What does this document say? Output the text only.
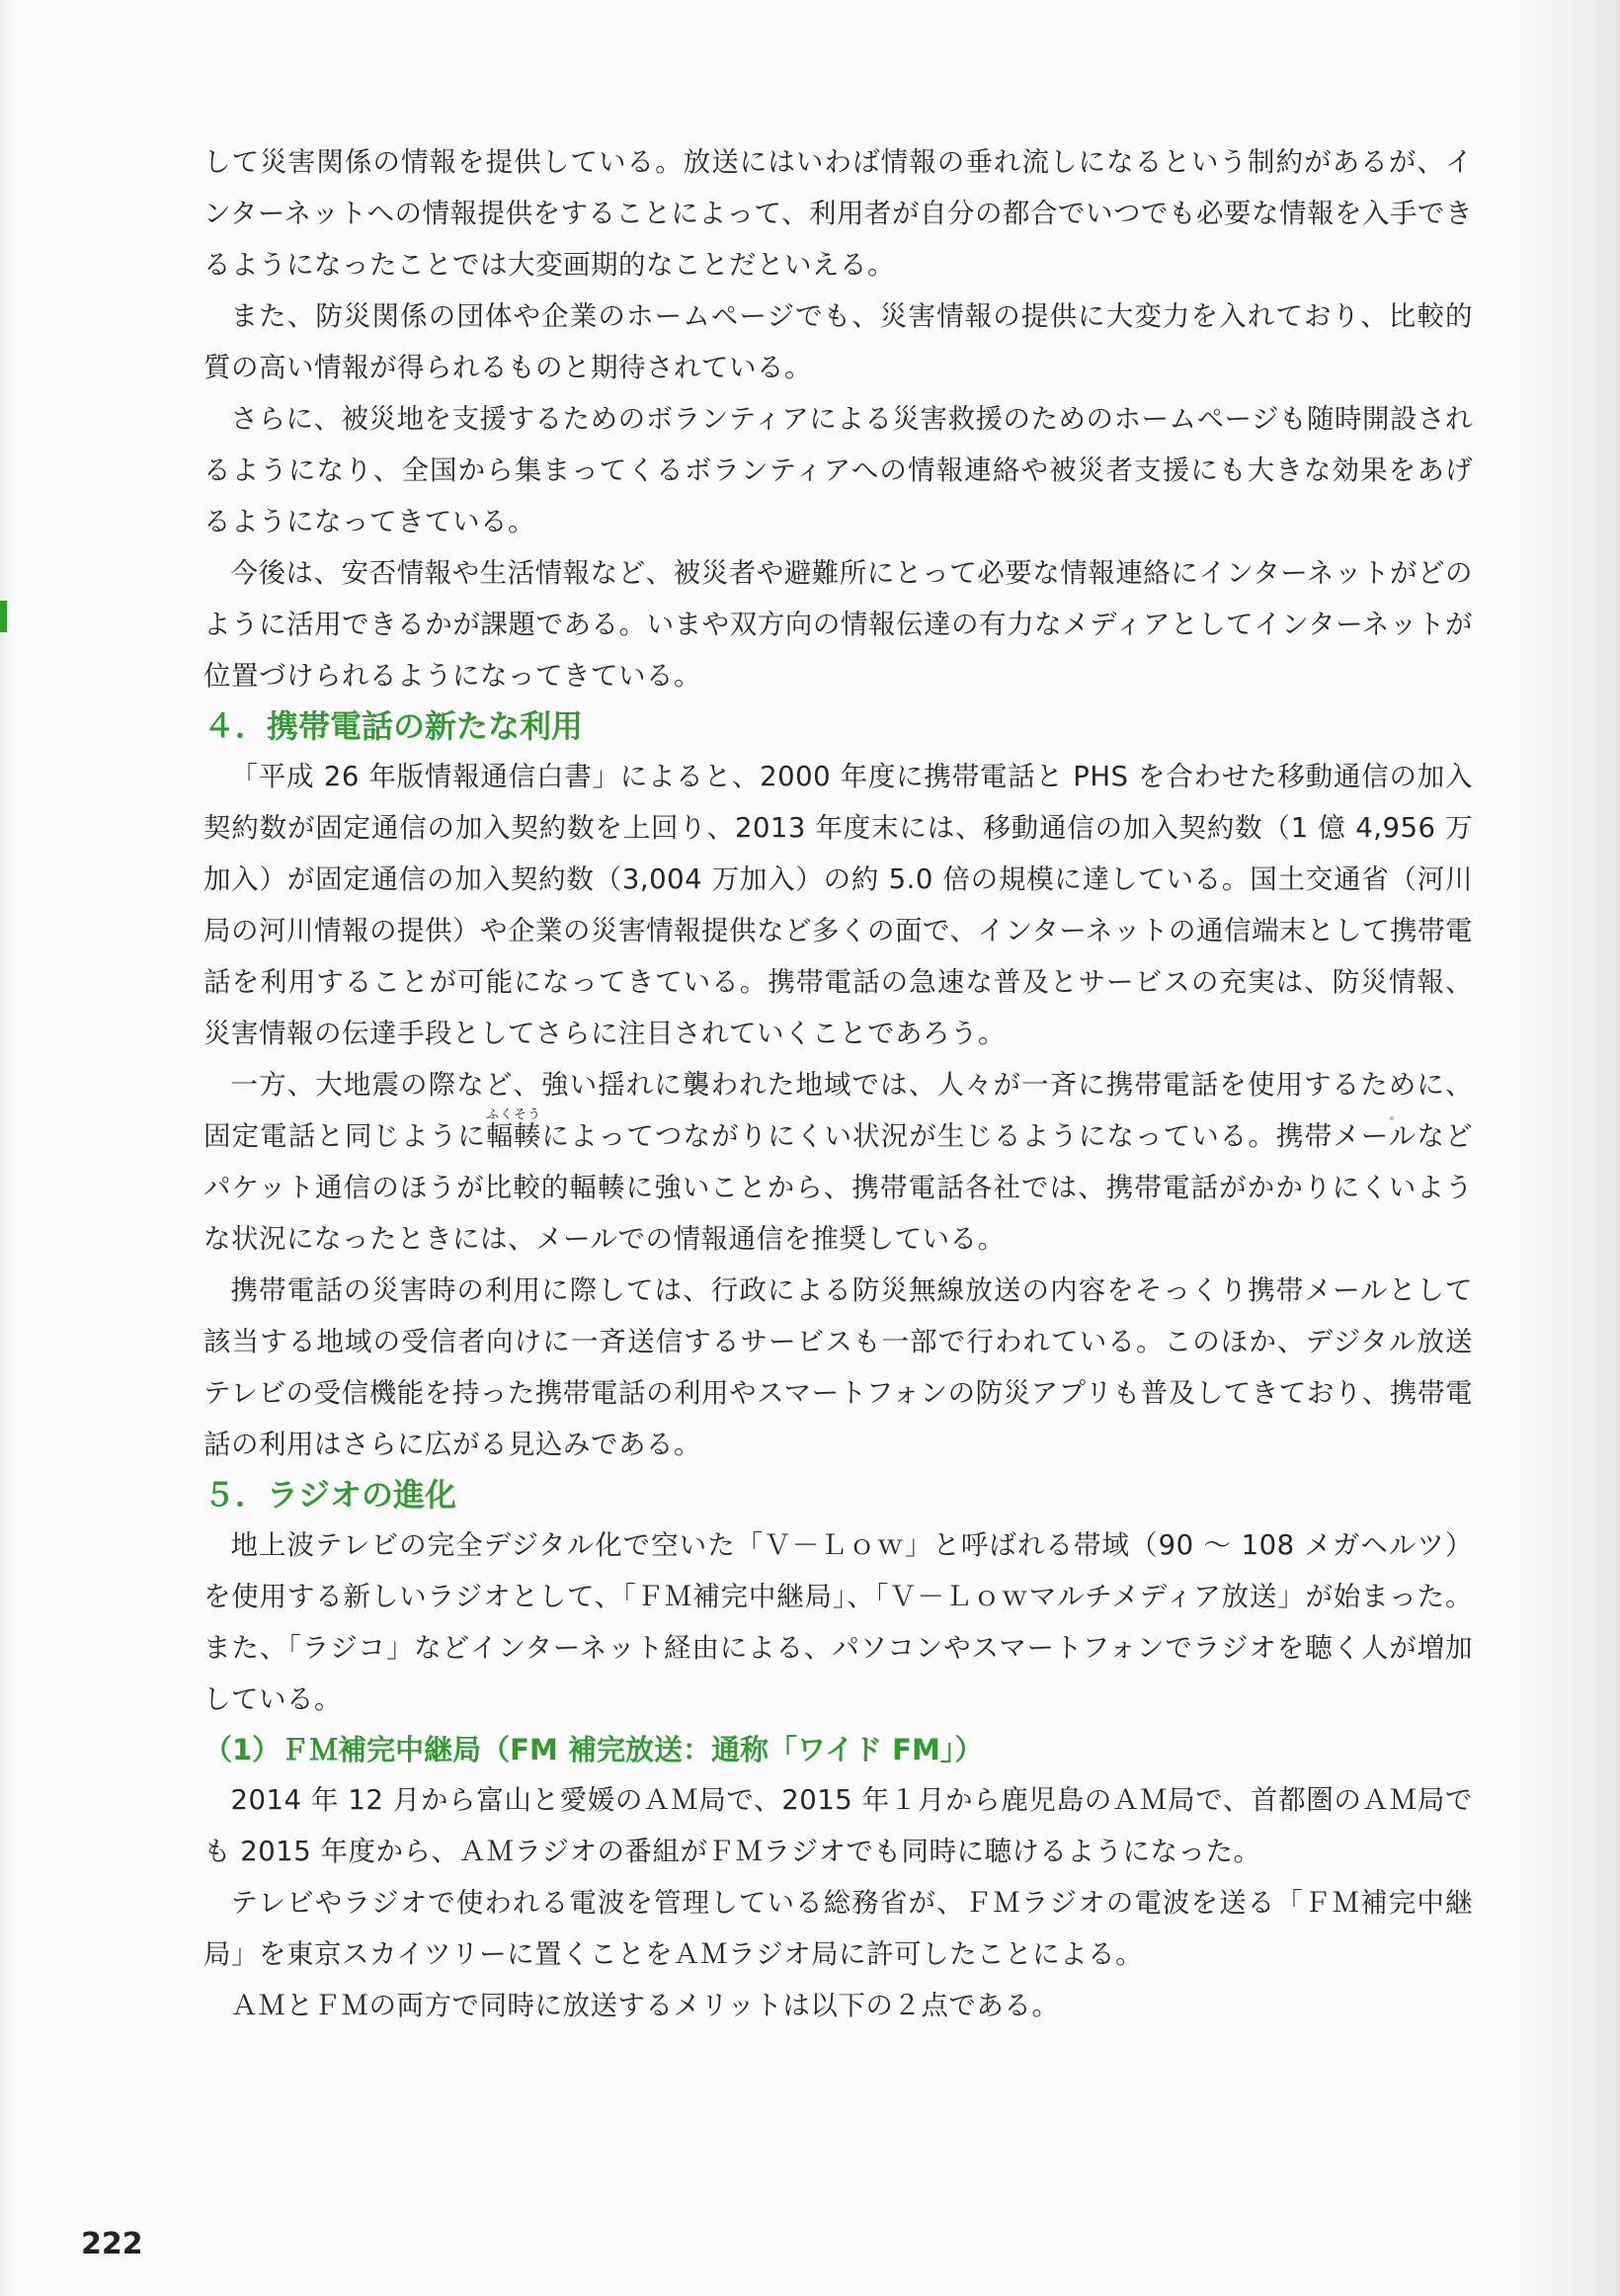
して災害関係の情報を提供している。放送にはいわば情報の垂れ流しになるという制約があるが、インターネットへの情報提供をすることによって、利用者が自分の都合でいつでも必要な情報を入手できるようになったことでは大変画期的なことだといえる。

また、防災関係の団体や企業のホームページでも、災害情報の提供に大変力を入れており、比較的質の高い情報が得られるものと期待されている。

さらに、被災地を支援するためのボランティアによる災害救援のためのホームページも随時開設されるようになり、全国から集まってくるボランティアへの情報連絡や被災者支援にも大きな効果をあげるようになってきている。

今後は、安否情報や生活情報など、被災者や避難所にとって必要な情報連絡にインターネットがどのように活用できるかが課題である。いまや双方向の情報伝達の有力なメディアとしてインターネットが位置づけられるようになってきている。

４．携帯電話の新たな利用

「平成 26 年版情報通信白書」によると、2000 年度に携帯電話と PHS を合わせた移動通信の加入契約数が固定通信の加入契約数を上回り、2013 年度末には、移動通信の加入契約数（1 億 4,956 万加入）が固定通信の加入契約数（3,004 万加入）の約 5.0 倍の規模に達している。国土交通省（河川局の河川情報の提供）や企業の災害情報提供など多くの面で、インターネットの通信端末として携帯電話を利用することが可能になってきている。携帯電話の急速な普及とサービスの充実は、防災情報、災害情報の伝達手段としてさらに注目されていくことであろう。

一方、大地震の際など、強い揺れに襲われた地域では、人々が一斉に携帯電話を使用するために、固定電話と同じように輻輳ふくそうによってつながりにくい状況が生じるようになっている。携帯メールなどパケット通信のほうが比較的輻輳に強いことから、携帯電話各社では、携帯電話がかかりにくいような状況になったときには、メールでの情報通信を推奨している。

携帯電話の災害時の利用に際しては、行政による防災無線放送の内容をそっくり携帯メールとして該当する地域の受信者向けに一斉送信するサービスも一部で行われている。このほか、デジタル放送テレビの受信機能を持った携帯電話の利用やスマートフォンの防災アプリも普及してきており、携帯電話の利用はさらに広がる見込みである。

５．ラジオの進化

地上波テレビの完全デジタル化で空いた「Ｖ－Ｌｏｗ」と呼ばれる帯域（90 ～ 108 メガヘルツ）を使用する新しいラジオとして、「ＦＭ補完中継局」、「Ｖ－Ｌｏｗマルチメディア放送」が始まった。また、「ラジコ」などインターネット経由による、パソコンやスマートフォンでラジオを聴く人が増加している。

（1）ＦＭ補完中継局（FM 補完放送：通称「ワイド FM」）

2014 年 12 月から富山と愛媛のＡＭ局で、2015 年１月から鹿児島のＡＭ局で、首都圏のＡＭ局でも 2015 年度から、ＡＭラジオの番組がＦＭラジオでも同時に聴けるようになった。

テレビやラジオで使われる電波を管理している総務省が、ＦＭラジオの電波を送る「ＦＭ補完中継局」を東京スカイツリーに置くことをＡＭラジオ局に許可したことによる。

ＡＭとＦＭの両方で同時に放送するメリットは以下の２点である。

222
